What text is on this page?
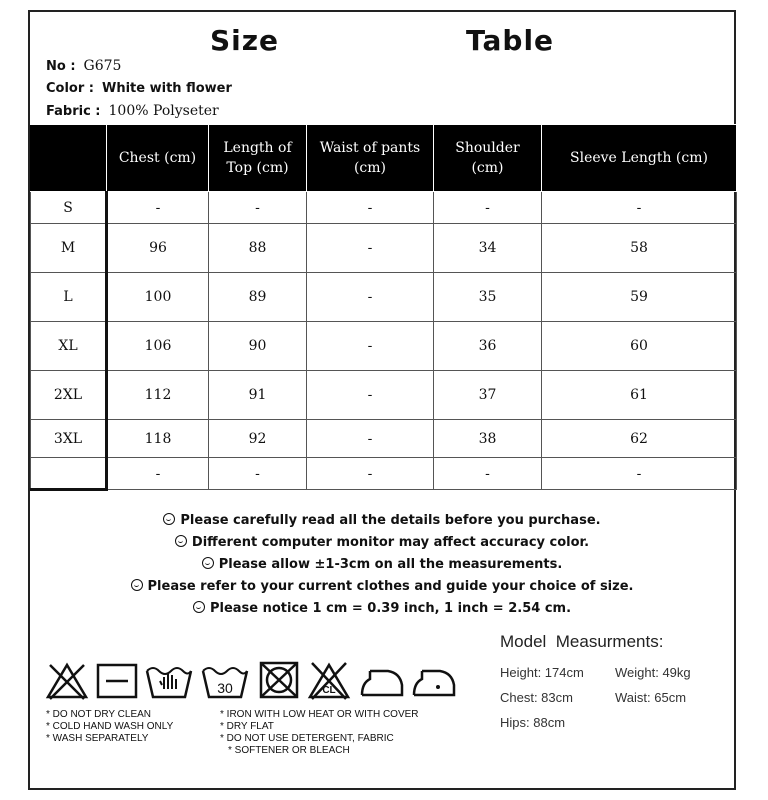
Size    Table
No : G675
Color : White with flower
Fabric : 100% Polyseter
	Chest (cm)	Length of Top (cm)	Waist of pants (cm)	Shoulder (cm)	Sleeve Length (cm)
S	-	-	-	-	-
M	96	88	-	34	58
L	100	89	-	35	59
XL	106	90	-	36	60
2XL	112	91	-	37	61
3XL	118	92	-	38	62
	-	-	-	-	-
Please carefully read all the details before you purchase.
Different computer monitor may affect accuracy color.
Please allow ±1-3cm on all the measurements.
Please refer to your current clothes and guide your choice of size.
Please notice 1 cm = 0.39 inch, 1 inch = 2.54 cm.
30	CL
* DO NOT DRY CLEAN
* COLD HAND WASH ONLY
* WASH SEPARATELY
* IRON WITH LOW HEAT OR WITH COVER
* DRY FLAT
* DO NOT USE DETERGENT, FABRIC
* SOFTENER OR BLEACH
Model  Measurments:
Height: 174cm	Weight: 49kg
Chest: 83cm	Waist: 65cm
Hips: 88cm
